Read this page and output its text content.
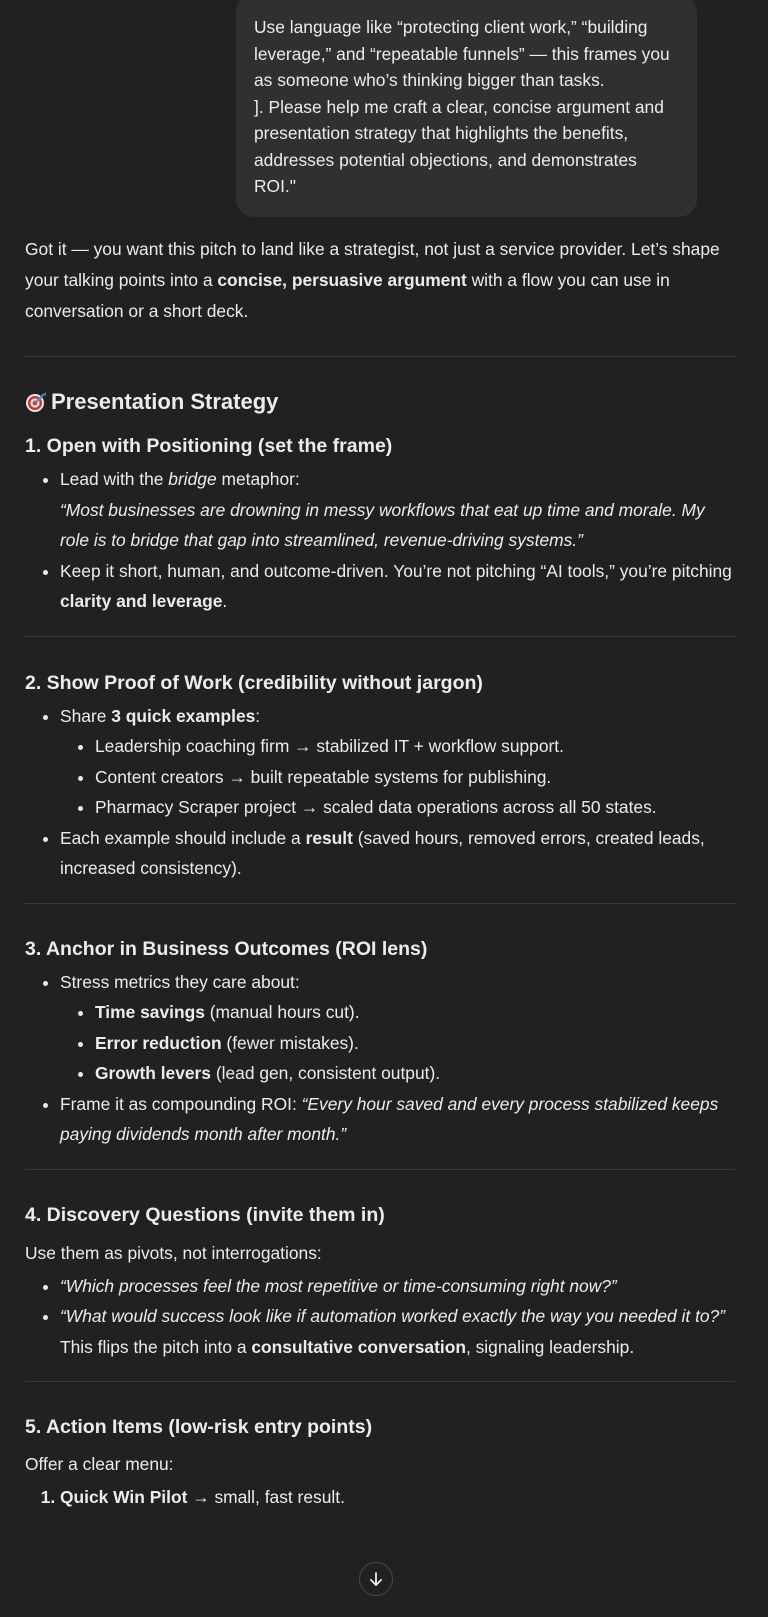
Use language like “protecting client work,” “building leverage,” and “repeatable funnels” — this frames you as someone who’s thinking bigger than tasks.

]. Please help me craft a clear, concise argument and presentation strategy that highlights the benefits, addresses potential objections, and demonstrates ROI."

Got it — you want this pitch to land like a strategist, not just a service provider. Let’s shape your talking points into a concise, persuasive argument with a flow you can use in conversation or a short deck.

Presentation Strategy
1. Open with Positioning (set the frame)
• Lead with the bridge metaphor:
“Most businesses are drowning in messy workflows that eat up time and morale. My role is to bridge that gap into streamlined, revenue-driving systems.”
• Keep it short, human, and outcome-driven. You’re not pitching “AI tools,” you’re pitching clarity and leverage.
2. Show Proof of Work (credibility without jargon)
• Share 3 quick examples:
• Leadership coaching firm → stabilized IT + workflow support.
• Content creators → built repeatable systems for publishing.
• Pharmacy Scraper project → scaled data operations across all 50 states.
• Each example should include a result (saved hours, removed errors, created leads, increased consistency).
3. Anchor in Business Outcomes (ROI lens)
• Stress metrics they care about:
• Time savings (manual hours cut).
• Error reduction (fewer mistakes).
• Growth levers (lead gen, consistent output).
• Frame it as compounding ROI: “Every hour saved and every process stabilized keeps paying dividends month after month.”
4. Discovery Questions (invite them in)

Use them as pivots, not interrogations:

• “Which processes feel the most repetitive or time-consuming right now?”
• “What would success look like if automation worked exactly the way you needed it to?”
This flips the pitch into a consultative conversation, signaling leadership.
5. Action Items (low-risk entry points)

Offer a clear menu:

1. Quick Win Pilot → small, fast result.
